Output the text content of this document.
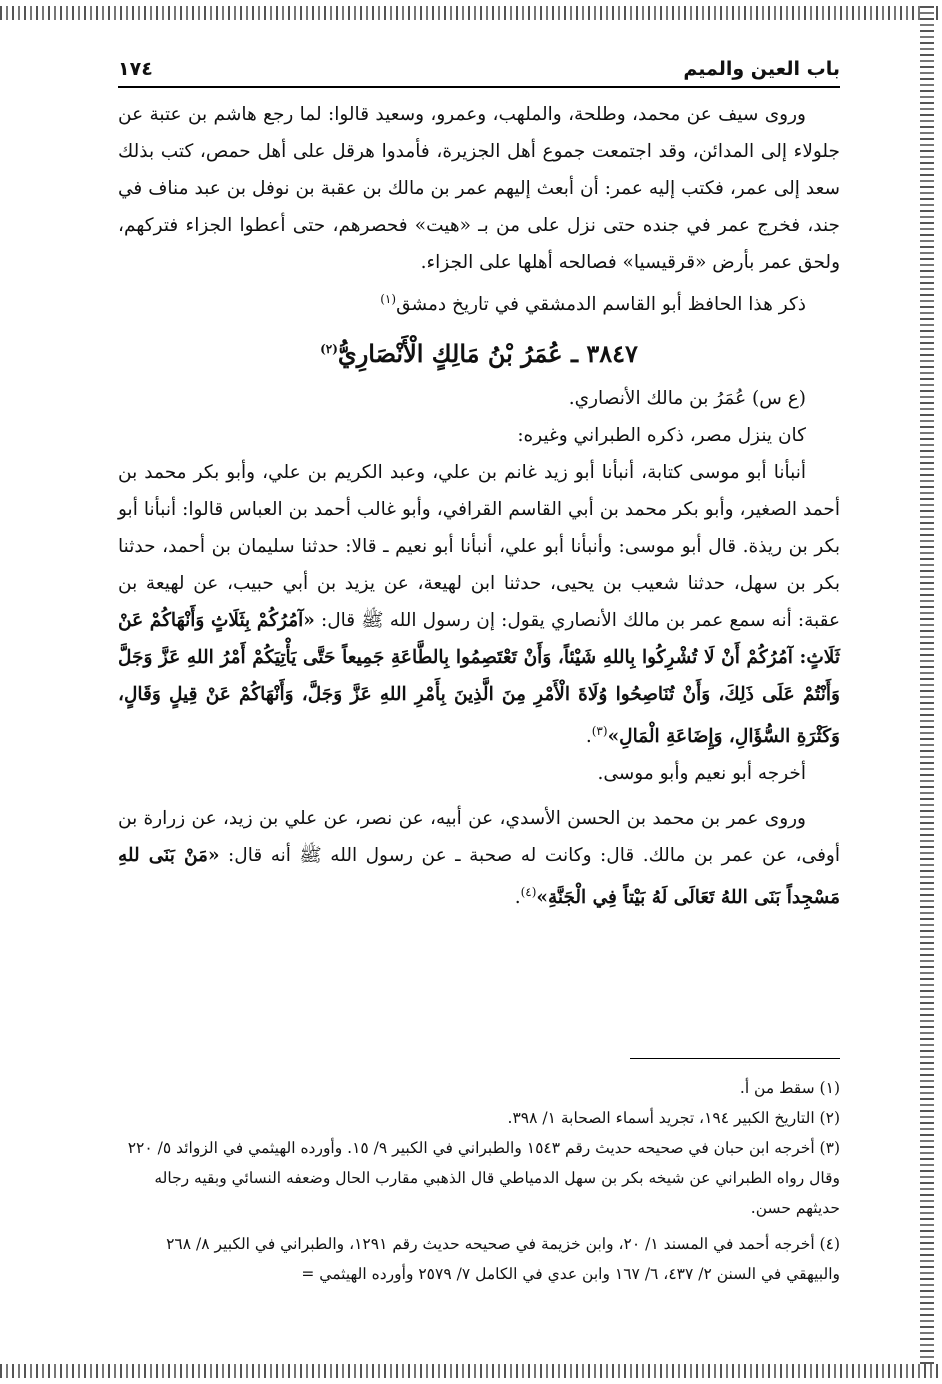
باب العين والميم
١٧٤

وروى سيف عن محمد، وطلحة، والملهب، وعمرو، وسعيد قالوا: لما رجع هاشم بن عتبة عن جلولاء إلى المدائن، وقد اجتمعت جموع أهل الجزيرة، فأمدوا هرقل على أهل حمص، كتب بذلك سعد إلى عمر، فكتب إليه عمر: أن أبعث إليهم عمر بن مالك بن عقبة بن نوفل بن عبد مناف في جند، فخرج عمر في جنده حتى نزل على من بـ «هيت» فحصرهم، حتى أعطوا الجزاء فتركهم، ولحق عمر بأرض «قرقيسيا» فصالحه أهلها على الجزاء.

ذكر هذا الحافظ أبو القاسم الدمشقي في تاريخ دمشق$^{(١)}$

٣٨٤٧ ـ عُمَرُ بْنُ مَالِكٍ الْأَنْصَارِيُّ$^{(٢)}$

(ع س) عُمَرُ بن مالك الأنصاري.

كان ينزل مصر، ذكره الطبراني وغيره:

أنبأنا أبو موسى كتابة، أنبأنا أبو زيد غانم بن علي، وعبد الكريم بن علي، وأبو بكر محمد بن أحمد الصغير، وأبو بكر محمد بن أبي القاسم القرافي، وأبو غالب أحمد بن العباس قالوا: أنبأنا أبو بكر بن ريذة. قال أبو موسى: وأنبأنا أبو علي، أنبأنا أبو نعيم ـ قالا: حدثنا سليمان بن أحمد، حدثنا بكر بن سهل، حدثنا شعيب بن يحيى، حدثنا ابن لهيعة، عن يزيد بن أبي حبيب، عن لهيعة بن عقبة: أنه سمع عمر بن مالك الأنصاري يقول: إن رسول الله ﷺ قال: «آمُرُكُمْ بِثَلَاثٍ وَأَنْهَاكُمْ عَنْ ثَلَاثٍ: آمُرُكُمْ أَنْ لَا تُشْرِكُوا بِاللهِ شَيْئاً، وَأَنْ تَعْتَصِمُوا بِالطَّاعَةِ جَمِيعاً حَتَّى يَأْتِيَكُمْ أَمْرُ اللهِ عَزَّ وَجَلَّ وَأَنْتُمْ عَلَى ذَلِكَ، وَأَنْ تُنَاصِحُوا وُلَاةَ الْأَمْرِ مِنَ الَّذِينَ بِأَمْرِ اللهِ عَزَّ وَجَلَّ، وَأَنْهَاكُمْ عَنْ قِيلٍ وَقَالٍ، وَكَثْرَةِ السُّؤَالِ، وَإِضَاعَةِ الْمَالِ»$^{(٣)}$.

أخرجه أبو نعيم وأبو موسى.

وروى عمر بن محمد بن الحسن الأسدي، عن أبيه، عن نصر، عن علي بن زيد، عن زرارة بن أوفى، عن عمر بن مالك. قال: وكانت له صحبة ـ عن رسول الله ﷺ أنه قال: «مَنْ بَنَى للهِ مَسْجِداً بَنَى اللهُ تَعَالَى لَهُ بَيْتاً فِي الْجَنَّةِ»$^{(٤)}$.

(١) سقط من أ.

(٢) التاريخ الكبير ١٩٤، تجريد أسماء الصحابة ١/ ٣٩٨.

(٣) أخرجه ابن حبان في صحيحه حديث رقم ١٥٤٣ والطبراني في الكبير ٩/ ١٥. وأورده الهيثمي في الزوائد ٥/ ٢٢٠ وقال رواه الطبراني عن شيخه بكر بن سهل الدمياطي قال الذهبي مقارب الحال وضعفه النسائي وبقيه رجاله حديثهم حسن.

(٤) أخرجه أحمد في المسند ١/ ٢٠، وابن خزيمة في صحيحه حديث رقم ١٢٩١، والطبراني في الكبير ٨/ ٢٦٨ والبيهقي في السنن ٢/ ٤٣٧، ٦/ ١٦٧ وابن عدي في الكامل ٧/ ٢٥٧٩ وأورده الهيثمي =
